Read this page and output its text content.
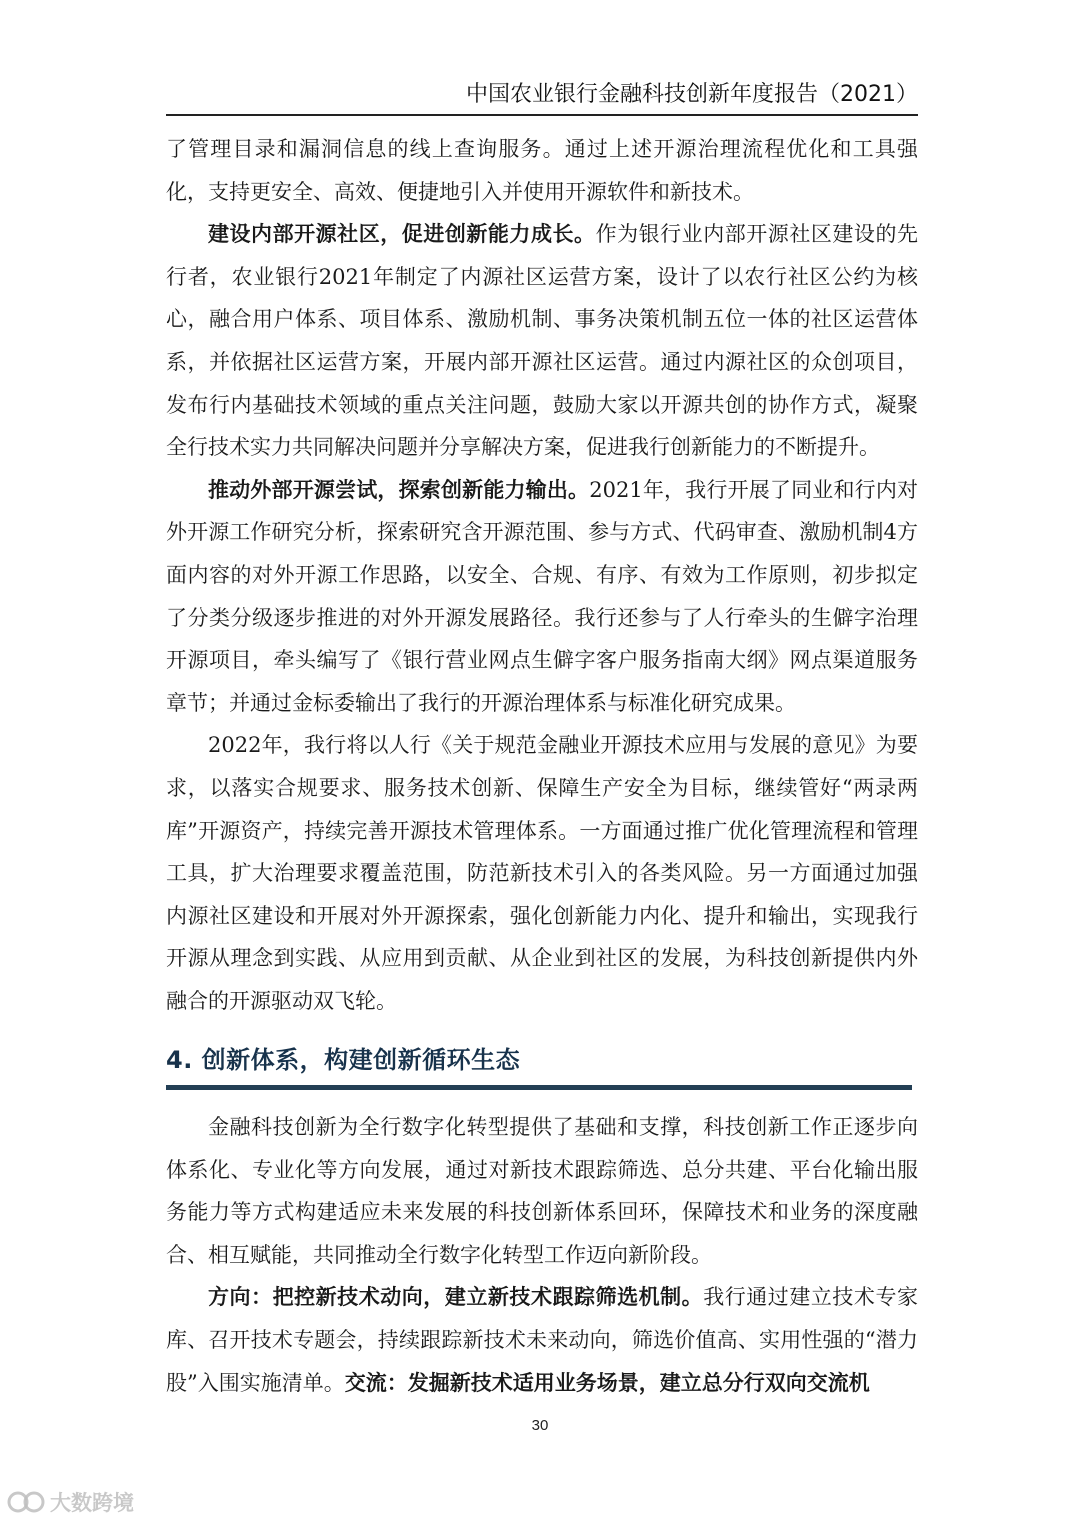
中国农业银行金融科技创新年度报告（2021）

了管理目录和漏洞信息的线上查询服务。通过上述开源治理流程优化和工具强化，支持更安全、高效、便捷地引入并使用开源软件和新技术。

建设内部开源社区，促进创新能力成长。作为银行业内部开源社区建设的先行者，农业银行2021年制定了内源社区运营方案，设计了以农行社区公约为核心，融合用户体系、项目体系、激励机制、事务决策机制五位一体的社区运营体系，并依据社区运营方案，开展内部开源社区运营。通过内源社区的众创项目，发布行内基础技术领域的重点关注问题，鼓励大家以开源共创的协作方式，凝聚全行技术实力共同解决问题并分享解决方案，促进我行创新能力的不断提升。

推动外部开源尝试，探索创新能力输出。2021年，我行开展了同业和行内对外开源工作研究分析，探索研究含开源范围、参与方式、代码审查、激励机制4方面内容的对外开源工作思路，以安全、合规、有序、有效为工作原则，初步拟定了分类分级逐步推进的对外开源发展路径。我行还参与了人行牵头的生僻字治理开源项目，牵头编写了《银行营业网点生僻字客户服务指南大纲》网点渠道服务章节；并通过金标委输出了我行的开源治理体系与标准化研究成果。

2022年，我行将以人行《关于规范金融业开源技术应用与发展的意见》为要求，以落实合规要求、服务技术创新、保障生产安全为目标，继续管好“两录两库”开源资产，持续完善开源技术管理体系。一方面通过推广优化管理流程和管理工具，扩大治理要求覆盖范围，防范新技术引入的各类风险。另一方面通过加强内源社区建设和开展对外开源探索，强化创新能力内化、提升和输出，实现我行开源从理念到实践、从应用到贡献、从企业到社区的发展，为科技创新提供内外融合的开源驱动双飞轮。

4. 创新体系，构建创新循环生态

金融科技创新为全行数字化转型提供了基础和支撑，科技创新工作正逐步向体系化、专业化等方向发展，通过对新技术跟踪筛选、总分共建、平台化输出服务能力等方式构建适应未来发展的科技创新体系回环，保障技术和业务的深度融合、相互赋能，共同推动全行数字化转型工作迈向新阶段。

方向：把控新技术动向，建立新技术跟踪筛选机制。我行通过建立技术专家库、召开技术专题会，持续跟踪新技术未来动向，筛选价值高、实用性强的“潜力股”入围实施清单。交流：发掘新技术适用业务场景，建立总分行双向交流机

30
大数跨境
